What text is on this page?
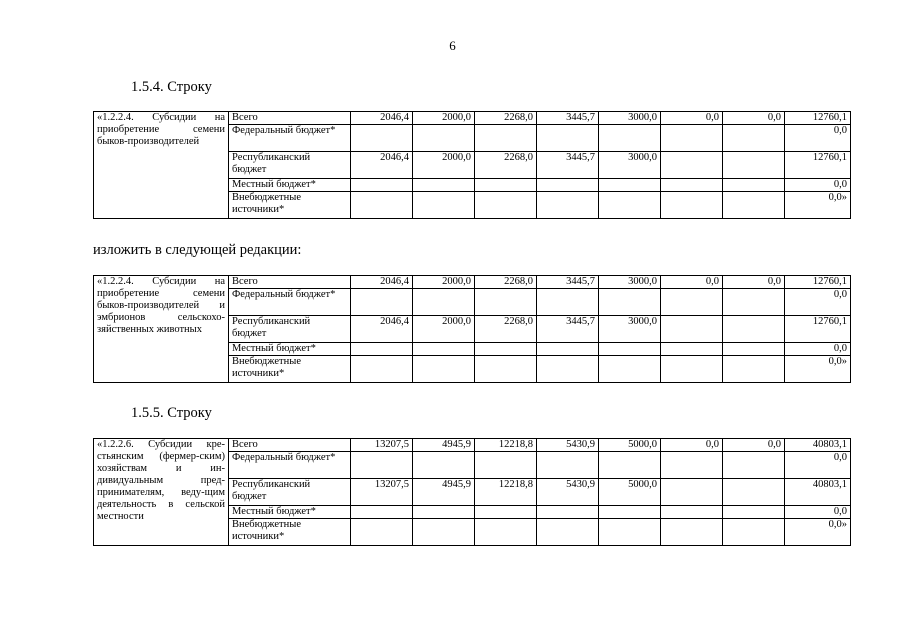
6
1.5.4. Строку
«1.2.2.4. Субсидии на приобретение семени быков-производителей	Всего	2046,4	2000,0	2268,0	3445,7	3000,0	0,0	0,0	12760,1
	Федеральный бюджет*								0,0
	Республиканский бюджет	2046,4	2000,0	2268,0	3445,7	3000,0			12760,1
	Местный бюджет*								0,0
	Внебюджетные источники*								0,0»
изложить в следующей редакции:
«1.2.2.4. Субсидии на приобретение семени быков-производителей и эмбрионов сельскохо-зяйственных животных	Всего	2046,4	2000,0	2268,0	3445,7	3000,0	0,0	0,0	12760,1
	Федеральный бюджет*								0,0
	Республиканский бюджет	2046,4	2000,0	2268,0	3445,7	3000,0			12760,1
	Местный бюджет*								0,0
	Внебюджетные источники*								0,0»
1.5.5. Строку
«1.2.2.6. Субсидии кре-стьянским (фермер-ским) хозяйствам и ин-дивидуальным пред-принимателям, веду-щим деятельность в сельской местности	Всего	13207,5	4945,9	12218,8	5430,9	5000,0	0,0	0,0	40803,1
	Федеральный бюджет*								0,0
	Республиканский бюджет	13207,5	4945,9	12218,8	5430,9	5000,0			40803,1
	Местный бюджет*								0,0
	Внебюджетные источники*								0,0»
